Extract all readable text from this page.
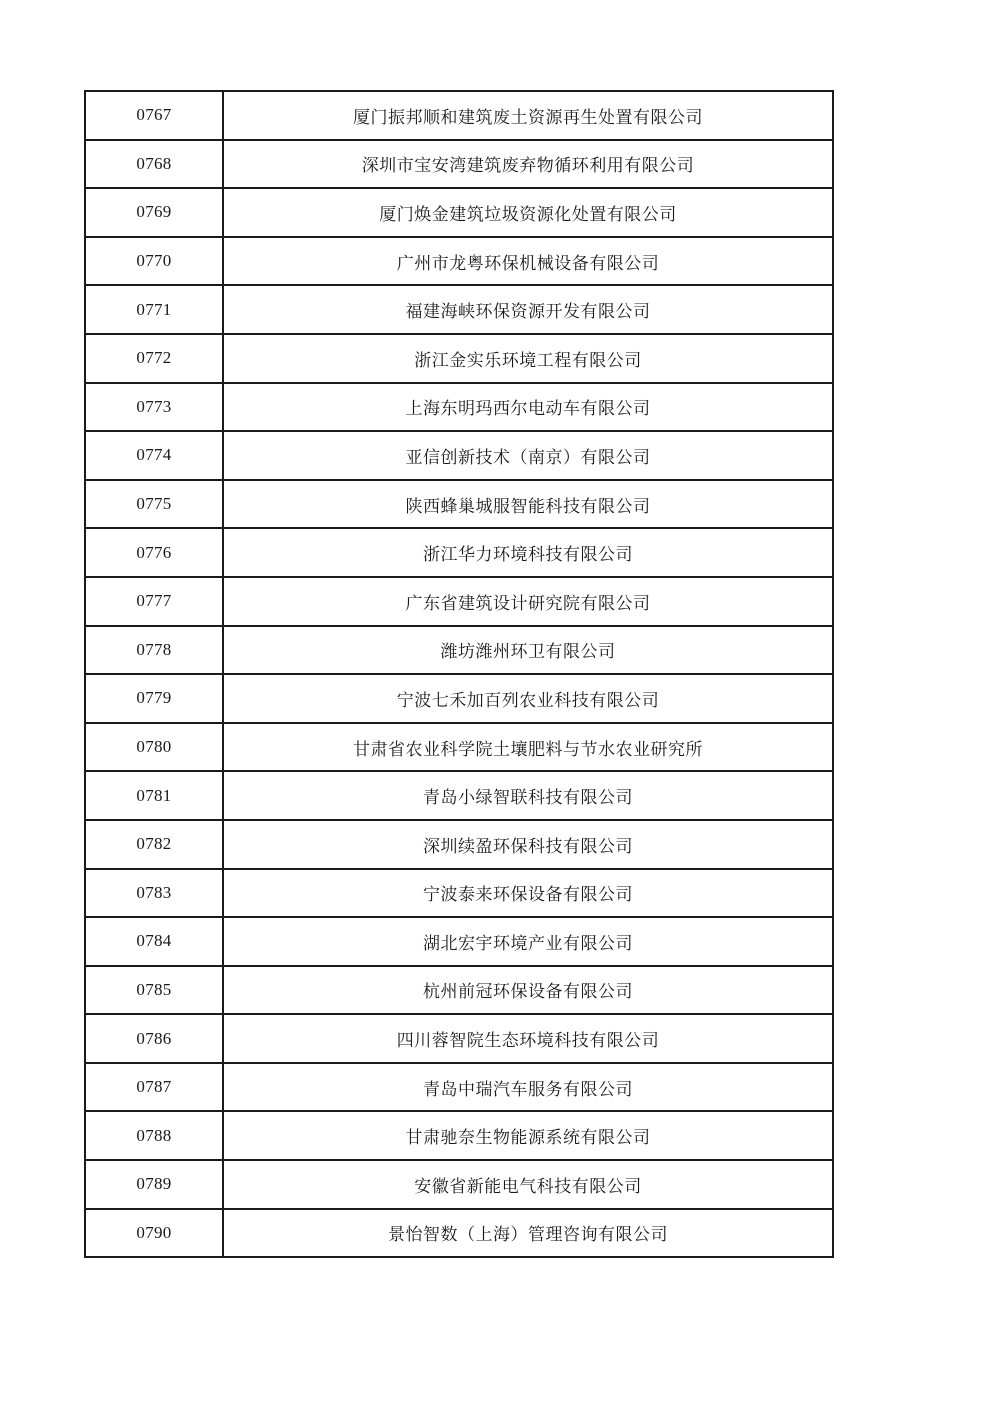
0767	厦门振邦顺和建筑废土资源再生处置有限公司
0768	深圳市宝安湾建筑废弃物循环利用有限公司
0769	厦门焕金建筑垃圾资源化处置有限公司
0770	广州市龙粤环保机械设备有限公司
0771	福建海峡环保资源开发有限公司
0772	浙江金实乐环境工程有限公司
0773	上海东明玛西尔电动车有限公司
0774	亚信创新技术（南京）有限公司
0775	陕西蜂巢城服智能科技有限公司
0776	浙江华力环境科技有限公司
0777	广东省建筑设计研究院有限公司
0778	潍坊潍州环卫有限公司
0779	宁波七禾加百列农业科技有限公司
0780	甘肃省农业科学院土壤肥料与节水农业研究所
0781	青岛小绿智联科技有限公司
0782	深圳续盈环保科技有限公司
0783	宁波泰来环保设备有限公司
0784	湖北宏宇环境产业有限公司
0785	杭州前冠环保设备有限公司
0786	四川蓉智院生态环境科技有限公司
0787	青岛中瑞汽车服务有限公司
0788	甘肃驰奈生物能源系统有限公司
0789	安徽省新能电气科技有限公司
0790	景怡智数（上海）管理咨询有限公司
